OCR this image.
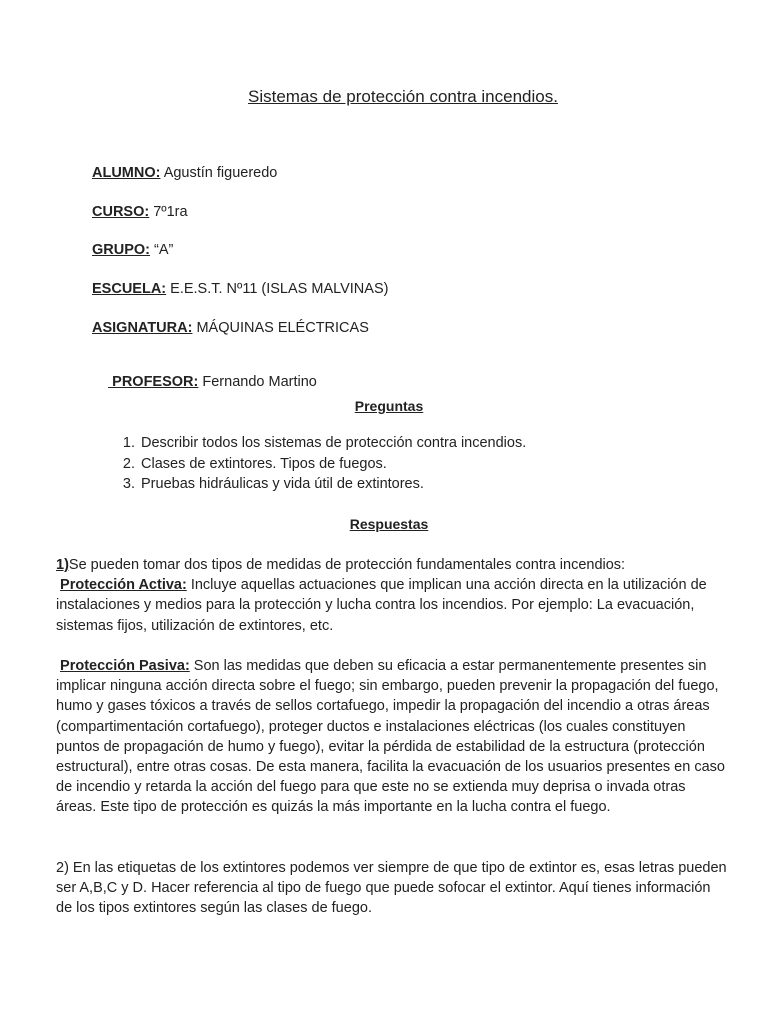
Sistemas de protección contra incendios.
ALUMNO: Agustín figueredo
CURSO: 7º1ra
GRUPO: “A”
ESCUELA: E.E.S.T. Nº11 (ISLAS MALVINAS)
ASIGNATURA: MÁQUINAS ELÉCTRICAS

PROFESOR: Fernando Martino

Preguntas
1. Describir todos los sistemas de protección contra incendios.
2. Clases de extintores. Tipos de fuegos.
3. Pruebas hidráulicas y vida útil de extintores.
Respuestas

1)Se pueden tomar dos tipos de medidas de protección fundamentales contra incendios:
Protección Activa: Incluye aquellas actuaciones que implican una acción directa en la utilización de instalaciones y medios para la protección y lucha contra los incendios. Por ejemplo: La evacuación, sistemas fijos, utilización de extintores, etc.

Protección Pasiva: Son las medidas que deben su eficacia a estar permanentemente presentes sin implicar ninguna acción directa sobre el fuego; sin embargo, pueden prevenir la propagación del fuego, humo y gases tóxicos a través de sellos cortafuego, impedir la propagación del incendio a otras áreas (compartimentación cortafuego), proteger ductos e instalaciones eléctricas (los cuales constituyen puntos de propagación de humo y fuego), evitar la pérdida de estabilidad de la estructura (protección estructural), entre otras cosas. De esta manera, facilita la evacuación de los usuarios presentes en caso de incendio y retarda la acción del fuego para que este no se extienda muy deprisa o invada otras áreas. Este tipo de protección es quizás la más importante en la lucha contra el fuego.

2) En las etiquetas de los extintores podemos ver siempre de que tipo de extintor es, esas letras pueden ser A,B,C y D. Hacer referencia al tipo de fuego que puede sofocar el extintor. Aquí tienes información de los tipos extintores según las clases de fuego.
